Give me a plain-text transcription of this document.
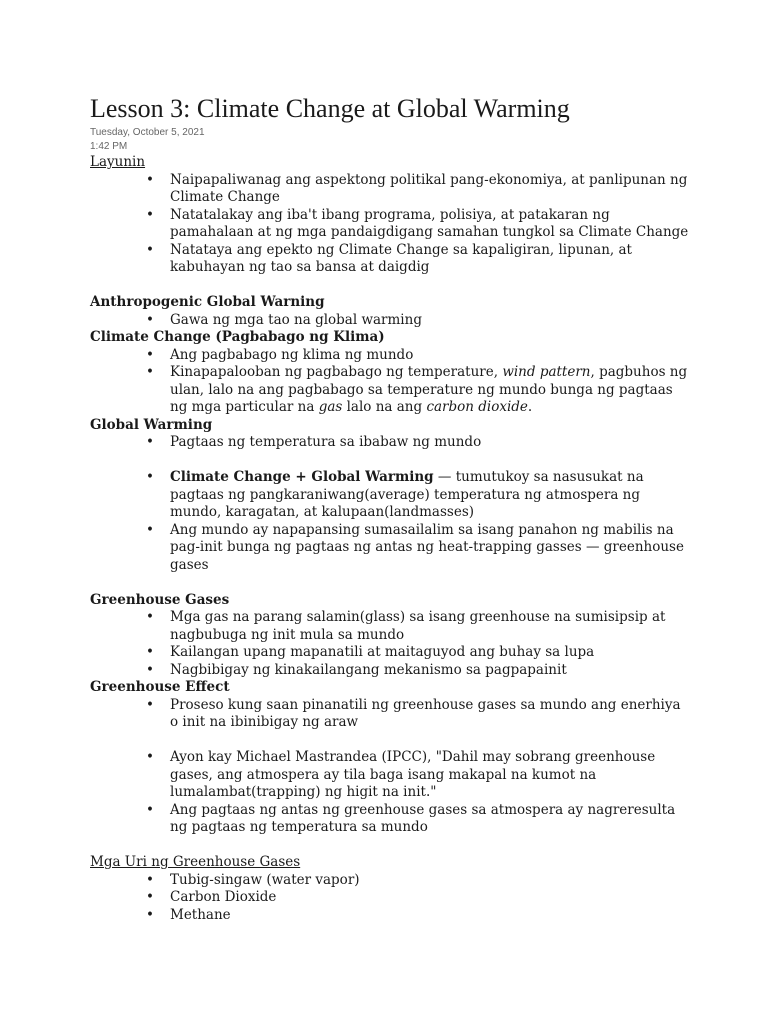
Lesson 3: Climate Change at Global Warming
Tuesday, October 5, 2021
1:42 PM
Layunin
• Naipapaliwanag ang aspektong politikal pang-ekonomiya, at panlipunan ng Climate Change
• Natatalakay ang iba't ibang programa, polisiya, at patakaran ng pamahalaan at ng mga pandaigdigang samahan tungkol sa Climate Change
• Natataya ang epekto ng Climate Change sa kapaligiran, lipunan, at kabuhayan ng tao sa bansa at daigdig
Anthropogenic Global Warning
• Gawa ng mga tao na global warming
Climate Change (Pagbabago ng Klima)
• Ang pagbabago ng klima ng mundo
• Kinapapalooban ng pagbabago ng temperature, wind pattern, pagbuhos ng ulan, lalo na ang pagbabago sa temperature ng mundo bunga ng pagtaas ng mga particular na gas lalo na ang carbon dioxide.
Global Warming
• Pagtaas ng temperatura sa ibabaw ng mundo
• Climate Change + Global Warming — tumutukoy sa nasusukat na pagtaas ng pangkaraniwang(average) temperatura ng atmospera ng mundo, karagatan, at kalupaan(landmasses)
• Ang mundo ay napapansing sumasailalim sa isang panahon ng mabilis na pag-init bunga ng pagtaas ng antas ng heat-trapping gasses — greenhouse gases
Greenhouse Gases
• Mga gas na parang salamin(glass) sa isang greenhouse na sumisipsip at nagbubuga ng init mula sa mundo
• Kailangan upang mapanatili at maitaguyod ang buhay sa lupa
• Nagbibigay ng kinakailangang mekanismo sa pagpapainit
Greenhouse Effect
• Proseso kung saan pinanatili ng greenhouse gases sa mundo ang enerhiya o init na ibinibigay ng araw
• Ayon kay Michael Mastrandea (IPCC), "Dahil may sobrang greenhouse gases, ang atmospera ay tila baga isang makapal na kumot na lumalambat(trapping) ng higit na init."
• Ang pagtaas ng antas ng greenhouse gases sa atmospera ay nagreresulta ng pagtaas ng temperatura sa mundo
Mga Uri ng Greenhouse Gases
• Tubig-singaw (water vapor)
• Carbon Dioxide
• Methane
